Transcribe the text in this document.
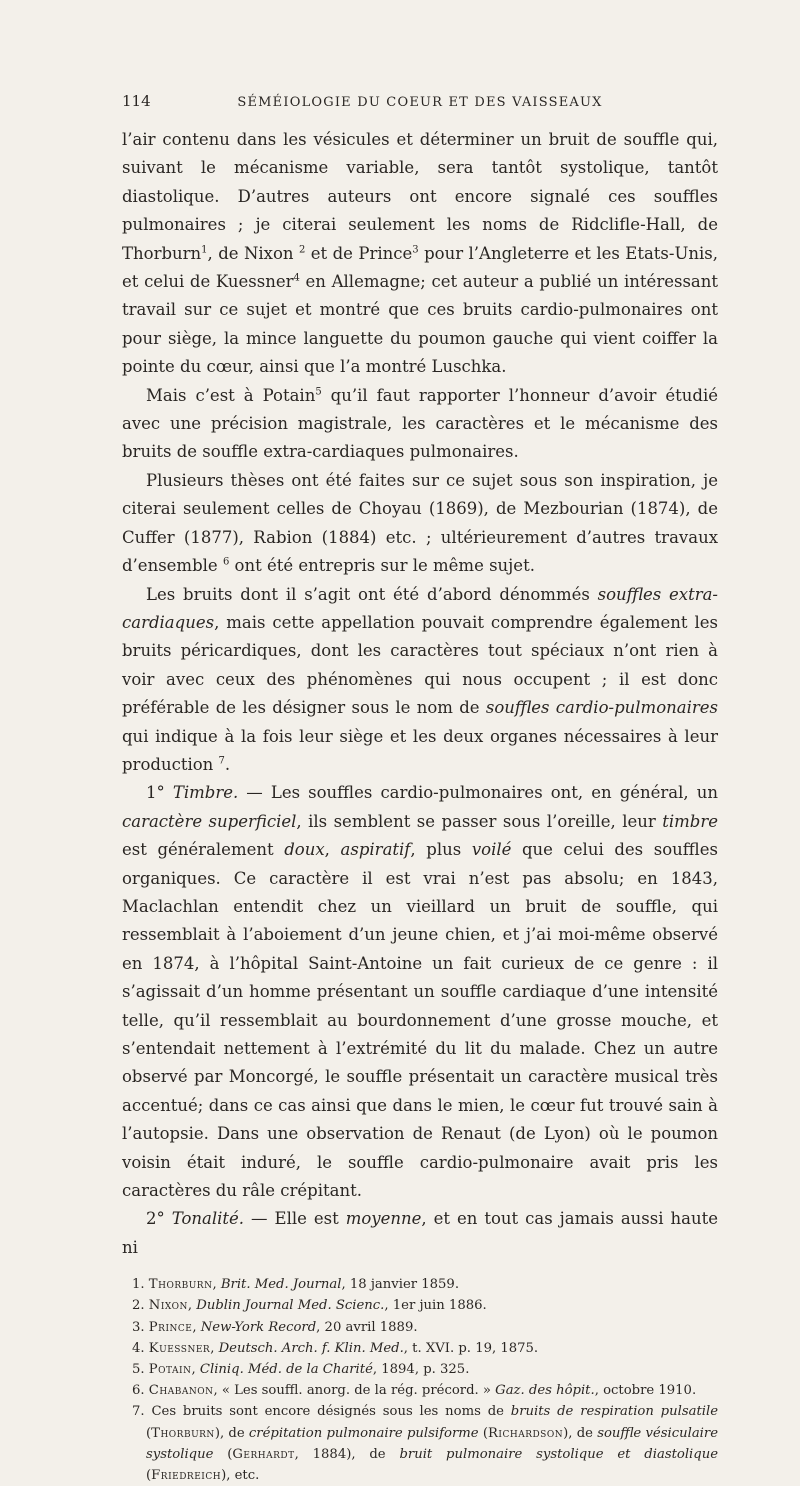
114	SÉMÉIOLOGIE DU COEUR ET DES VAISSEAUX

l’air contenu dans les vésicules et déterminer un bruit de souffle qui, suivant le mécanisme variable, sera tantôt systolique, tantôt diastolique. D’autres auteurs ont encore signalé ces souffles pulmonaires ; je citerai seulement les noms de Ridclifle-Hall, de Thorburn$^1$, de Nixon $^2$ et de Prince$^3$ pour l’Angleterre et les Etats-Unis, et celui de Kuessner$^4$ en Allemagne; cet auteur a publié un intéressant travail sur ce sujet et montré que ces bruits cardio-pulmonaires ont pour siège, la mince languette du poumon gauche qui vient coiffer la pointe du cœur, ainsi que l’a montré Luschka.

Mais c’est à Potain$^5$ qu’il faut rapporter l’honneur d’avoir étudié avec une précision magistrale, les caractères et le mécanisme des bruits de souffle extra-cardiaques pulmonaires.

Plusieurs thèses ont été faites sur ce sujet sous son inspiration, je citerai seulement celles de Choyau (1869), de Mezbourian (1874), de Cuffer (1877), Rabion (1884) etc. ; ultérieurement d’autres travaux d’ensemble $^6$ ont été entrepris sur le même sujet.

Les bruits dont il s’agit ont été d’abord dénommés souffles extra-cardiaques, mais cette appellation pouvait comprendre également les bruits péricardiques, dont les caractères tout spéciaux n’ont rien à voir avec ceux des phénomènes qui nous occupent ; il est donc préférable de les désigner sous le nom de souffles cardio-pulmonaires qui indique à la fois leur siège et les deux organes nécessaires à leur production $^7$.

1° Timbre. — Les souffles cardio-pulmonaires ont, en général, un caractère superficiel, ils semblent se passer sous l’oreille, leur timbre est généralement doux, aspiratif, plus voilé que celui des souffles organiques. Ce caractère il est vrai n’est pas absolu; en 1843, Maclachlan entendit chez un vieillard un bruit de souffle, qui ressemblait à l’aboiement d’un jeune chien, et j’ai moi-même observé en 1874, à l’hôpital Saint-Antoine un fait curieux de ce genre : il s’agissait d’un homme présentant un souffle cardiaque d’une intensité telle, qu’il ressemblait au bourdonnement d’une grosse mouche, et s’entendait nettement à l’extrémité du lit du malade. Chez un autre observé par Moncorgé, le souffle présentait un caractère musical très accentué; dans ce cas ainsi que dans le mien, le cœur fut trouvé sain à l’autopsie. Dans une observation de Renaut (de Lyon) où le poumon voisin était induré, le souffle cardio-pulmonaire avait pris les caractères du râle crépitant.

2° Tonalité. — Elle est moyenne, et en tout cas jamais aussi haute ni

1. Thorburn, Brit. Med. Journal, 18 janvier 1859.
2. Nixon, Dublin Journal Med. Scienc., 1er juin 1886.
3. Prince, New-York Record, 20 avril 1889.
4. Kuessner, Deutsch. Arch. f. Klin. Med., t. XVI. p. 19, 1875.
5. Potain, Cliniq. Méd. de la Charité, 1894, p. 325.
6. Chabanon, « Les souffl. anorg. de la rég. précord. » Gaz. des hôpit., octobre 1910.
7. Ces bruits sont encore désignés sous les noms de bruits de respiration pulsatile (Thorburn), de crépitation pulmonaire pulsiforme (Richardson), de souffle vésiculaire systolique (Gerhardt, 1884), de bruit pulmonaire systolique et diastolique (Friedreich), etc.
